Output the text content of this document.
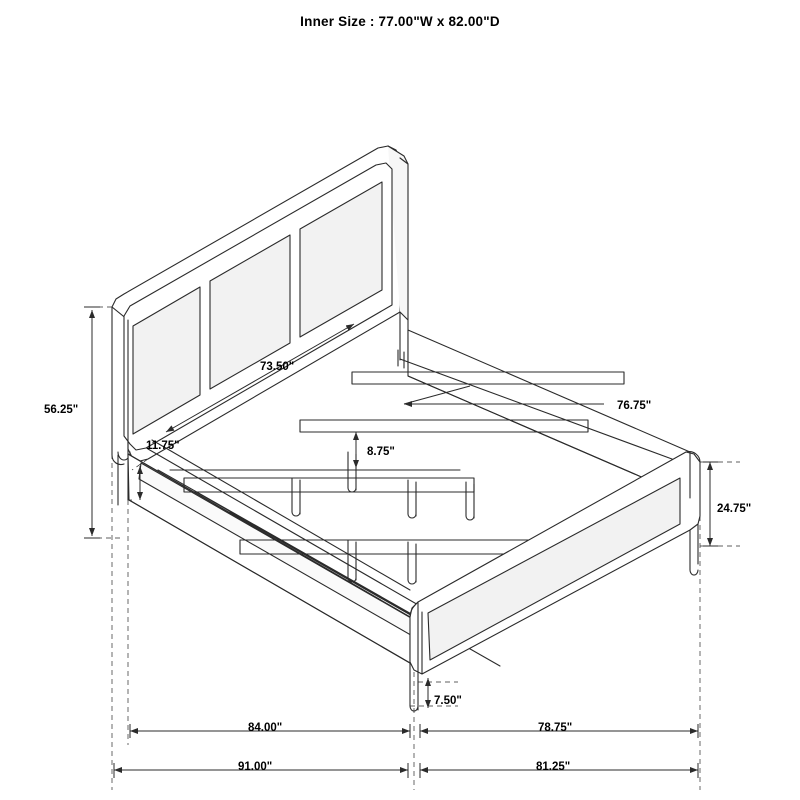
Inner Size : 77.00"W x 82.00"D
56.25"
73.50"
11.75"	8.75"
76.75"
24.75"
7.50"
84.00"	78.75"
91.00"	81.25"
